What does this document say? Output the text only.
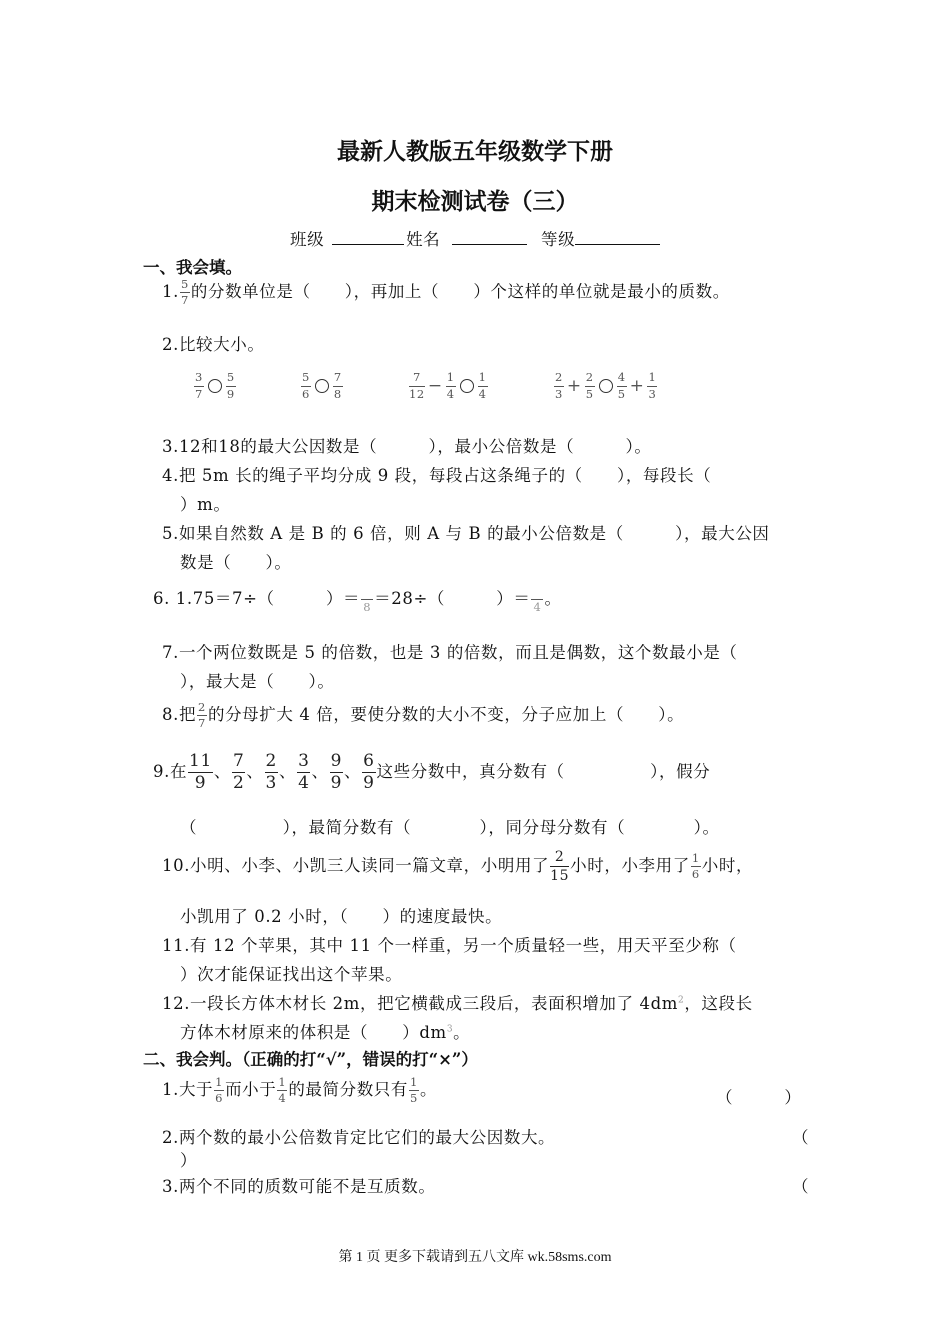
最新人教版五年级数学下册
期末检测试卷（三）
班级	姓名	等级
一、我会填。
1. $\frac{5}{7}$ 的分数单位是（　　），再加上（　　）个这样的单位就是最小的质数。
2.比较大小。
$\frac{3}{7} \frac{5}{9}$	$\frac{5}{6} \frac{7}{8}$	$\frac{7}{12} - \frac{1}{4} \frac{1}{4}$	$\frac{2}{3} + \frac{2}{5} \frac{4}{5} + \frac{1}{3}$
3.12和18的最大公因数是（　　　），最小公倍数是（　　　）。
4.把 5m 长的绳子平均分成 9 段，每段占这条绳子的（　　），每段长（
）m。
5.如果自然数 A 是 B 的 6 倍，则 A 与 B 的最小公倍数是（　　　），最大公因
数是（　　）。
6. 1.75＝7÷（　　　）＝ 8 ＝28÷（　　　）＝ 4 。
7.一个两位数既是 5 的倍数，也是 3 的倍数，而且是偶数，这个数最小是（
），最大是（　　）。
8.把 $\frac{2}{7}$ 的分母扩大 4 倍，要使分数的大小不变，分子应加上（　　）。
9.在 $\frac{11}{9}$ 、 $\frac{7}{2}$ 、 $\frac{2}{3}$ 、 $\frac{3}{4}$ 、 $\frac{9}{9}$ 、 $\frac{6}{9}$ 这些分数中，真分数有（　　　　　），假分
（　　　　　），最简分数有（　　　　），同分母分数有（　　　　）。
10.小明、小李、小凯三人读同一篇文章，小明用了 $\frac{2}{15}$ 小时，小李用了 $\frac{1}{6}$ 小时，
小凯用了 0.2 小时，（　　）的速度最快。
11.有 12 个苹果，其中 11 个一样重，另一个质量轻一些，用天平至少称（
）次才能保证找出这个苹果。
12.一段长方体木材长 2m，把它横截成三段后，表面积增加了 $4dm^2$，这段长
方体木材原来的体积是（　　）$dm^3$。
二、我会判。（正确的打“√”，错误的打“×”）
1.大于 $\frac{1}{6}$ 而小于 $\frac{1}{4}$ 的最简分数只有 $\frac{1}{5}$ 。	（　　　）
2.两个数的最小公倍数肯定比它们的最大公因数大。	（
）
3.两个不同的质数可能不是互质数。	（
第 1 页 更多下载请到五八文库 wk.58sms.com
